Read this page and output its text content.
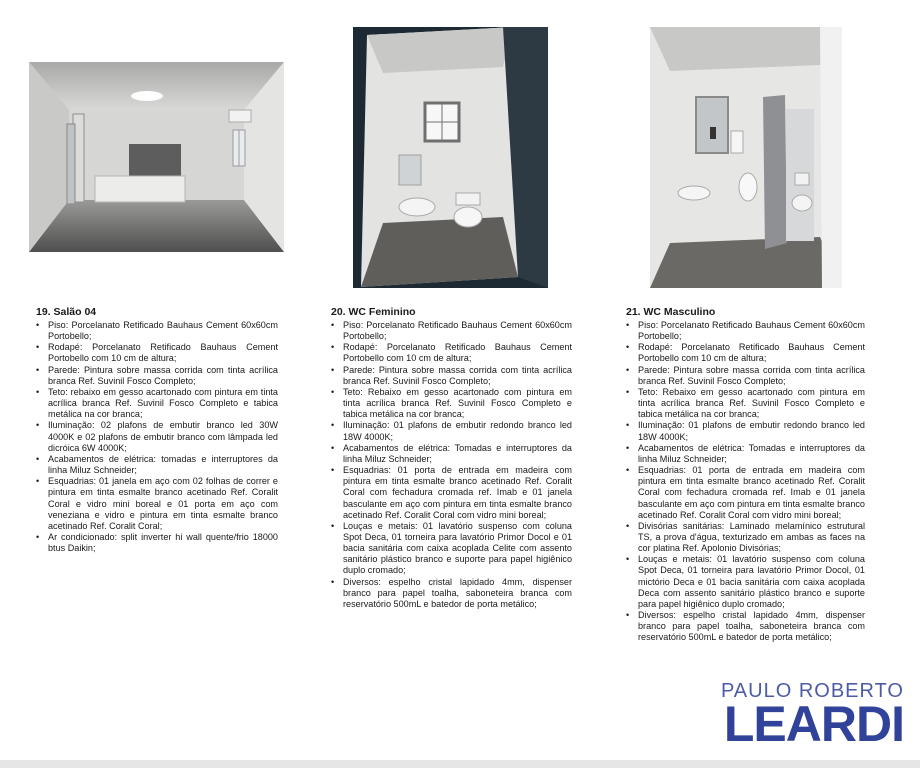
19. Salão 04
• Piso: Porcelanato Retificado Bauhaus Cement 60x60cm Portobello;
• Rodapé: Porcelanato Retificado Bauhaus Cement Portobello com 10 cm de altura;
• Parede: Pintura sobre massa corrida com tinta acrílica branca Ref. Suvinil Fosco Completo;
• Teto: rebaixo em gesso acartonado com pintura em tinta acrílica branca Ref. Suvinil Fosco Completo e tabica metálica na cor branca;
• Iluminação: 02 plafons de embutir branco led 30W 4000K e 02 plafons de embutir branco com lâmpada led dicróica 6W 4000K;
• Acabamentos de elétrica: tomadas e interruptores da linha Miluz Schneider;
• Esquadrias: 01 janela em aço com 02 folhas de correr e pintura em tinta esmalte branco acetinado Ref. Coralit Coral e vidro mini boreal e 01 porta em aço com veneziana e vidro e pintura em tinta esmalte branco acetinado Ref. Coralit Coral;
• Ar condicionado: split inverter hi wall quente/frio 18000 btus Daikin;
20. WC Feminino
• Piso: Porcelanato Retificado Bauhaus Cement 60x60cm Portobello;
• Rodapé: Porcelanato Retificado Bauhaus Cement Portobello com 10 cm de altura;
• Parede: Pintura sobre massa corrida com tinta acrílica branca Ref. Suvinil Fosco Completo;
• Teto: Rebaixo em gesso acartonado com pintura em tinta acrílica branca Ref. Suvinil Fosco Completo e tabica metálica na cor branca;
• Iluminação: 01 plafons de embutir redondo branco led 18W 4000K;
• Acabamentos de elétrica: Tomadas e interruptores da linha Miluz Schneider;
• Esquadrias: 01 porta de entrada em madeira com pintura em tinta esmalte branco acetinado Ref. Coralit Coral com fechadura cromada ref. Imab e 01 janela basculante em aço com pintura em tinta esmalte branco acetinado Ref. Coralit Coral com vidro mini boreal;
• Louças e metais: 01 lavatório suspenso com coluna Spot Deca, 01 torneira para lavatório Primor Docol e 01 bacia sanitária com caixa acoplada Celite com assento sanitário plástico branco e suporte para papel higiênico duplo cromado;
• Diversos: espelho cristal lapidado 4mm, dispenser branco para papel toalha, saboneteira branca com reservatório 500mL e batedor de porta metálico;
21. WC Masculino
• Piso: Porcelanato Retificado Bauhaus Cement 60x60cm Portobello;
• Rodapé: Porcelanato Retificado Bauhaus Cement Portobello com 10 cm de altura;
• Parede: Pintura sobre massa corrida com tinta acrílica branca Ref. Suvinil Fosco Completo;
• Teto: Rebaixo em gesso acartonado com pintura em tinta acrílica branca Ref. Suvinil Fosco Completo e tabica metálica na cor branca;
• Iluminação: 01 plafons de embutir redondo branco led 18W 4000K;
• Acabamentos de elétrica: Tomadas e interruptores da linha Miluz Schneider;
• Esquadrias: 01 porta de entrada em madeira com pintura em tinta esmalte branco acetinado Ref. Coralit Coral com fechadura cromada ref. Imab e 01 janela basculante em aço com pintura em tinta esmalte branco acetinado Ref. Coralit Coral com vidro mini boreal;
• Divisórias sanitárias: Laminado melamínico estrutural TS, a prova d'água, texturizado em ambas as faces na cor platina Ref. Apolonio Divisórias;
• Louças e metais: 01 lavatório suspenso com coluna Spot Deca, 01 torneira para lavatório Primor Docol, 01 mictório Deca e 01 bacia sanitária com caixa acoplada Deca com assento sanitário plástico branco e suporte para papel higiênico duplo cromado;
• Diversos: espelho cristal lapidado 4mm, dispenser branco para papel toalha, saboneteira branca com reservatório 500mL e batedor de porta metálico;
PAULO ROBERTO
LEARDI
